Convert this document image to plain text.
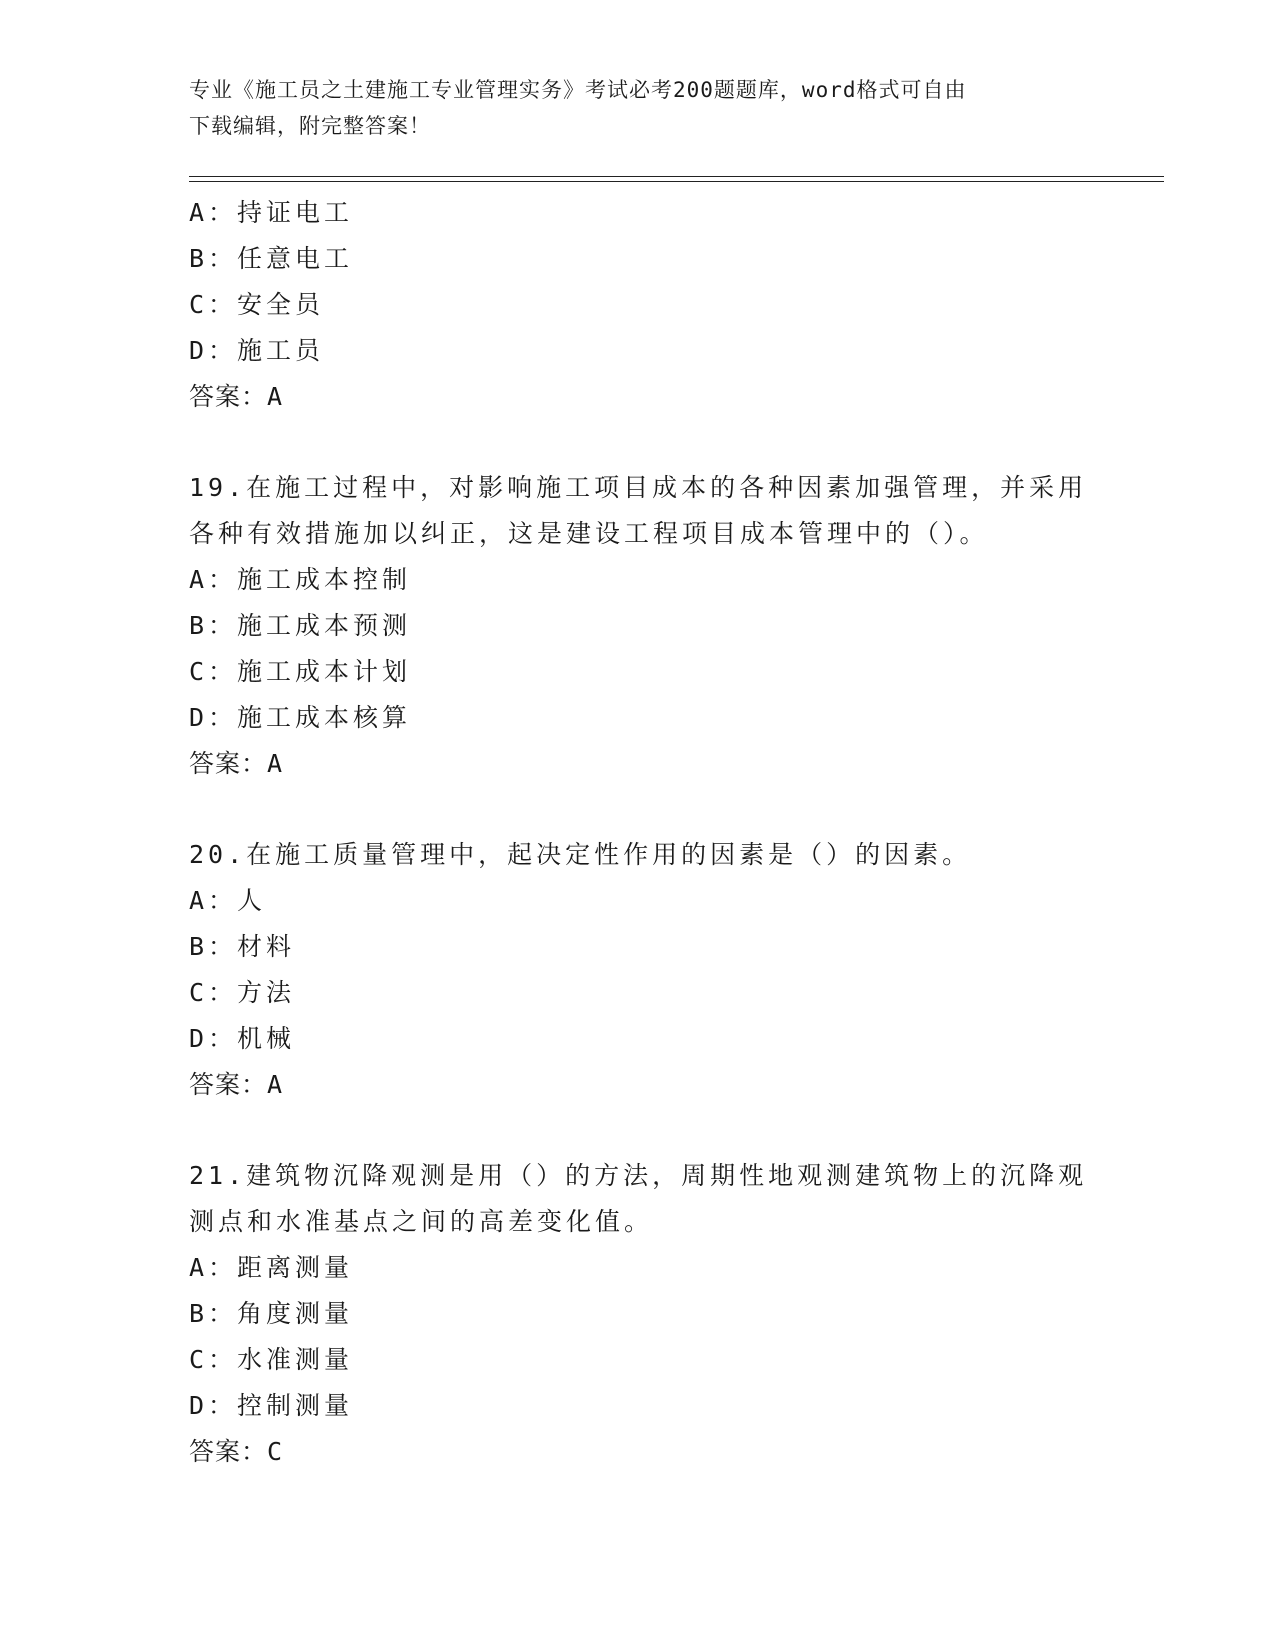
专业《施工员之土建施工专业管理实务》考试必考200题题库，word格式可自由
下载编辑，附完整答案！
A：持证电工
B：任意电工
C：安全员
D：施工员
答案：A
19.在施工过程中，对影响施工项目成本的各种因素加强管理，并采用
各种有效措施加以纠正，这是建设工程项目成本管理中的（）。
A：施工成本控制
B：施工成本预测
C：施工成本计划
D：施工成本核算
答案：A
20.在施工质量管理中，起决定性作用的因素是（）的因素。
A：人
B：材料
C：方法
D：机械
答案：A
21.建筑物沉降观测是用（）的方法，周期性地观测建筑物上的沉降观
测点和水准基点之间的高差变化值。
A：距离测量
B：角度测量
C：水准测量
D：控制测量
答案：C
